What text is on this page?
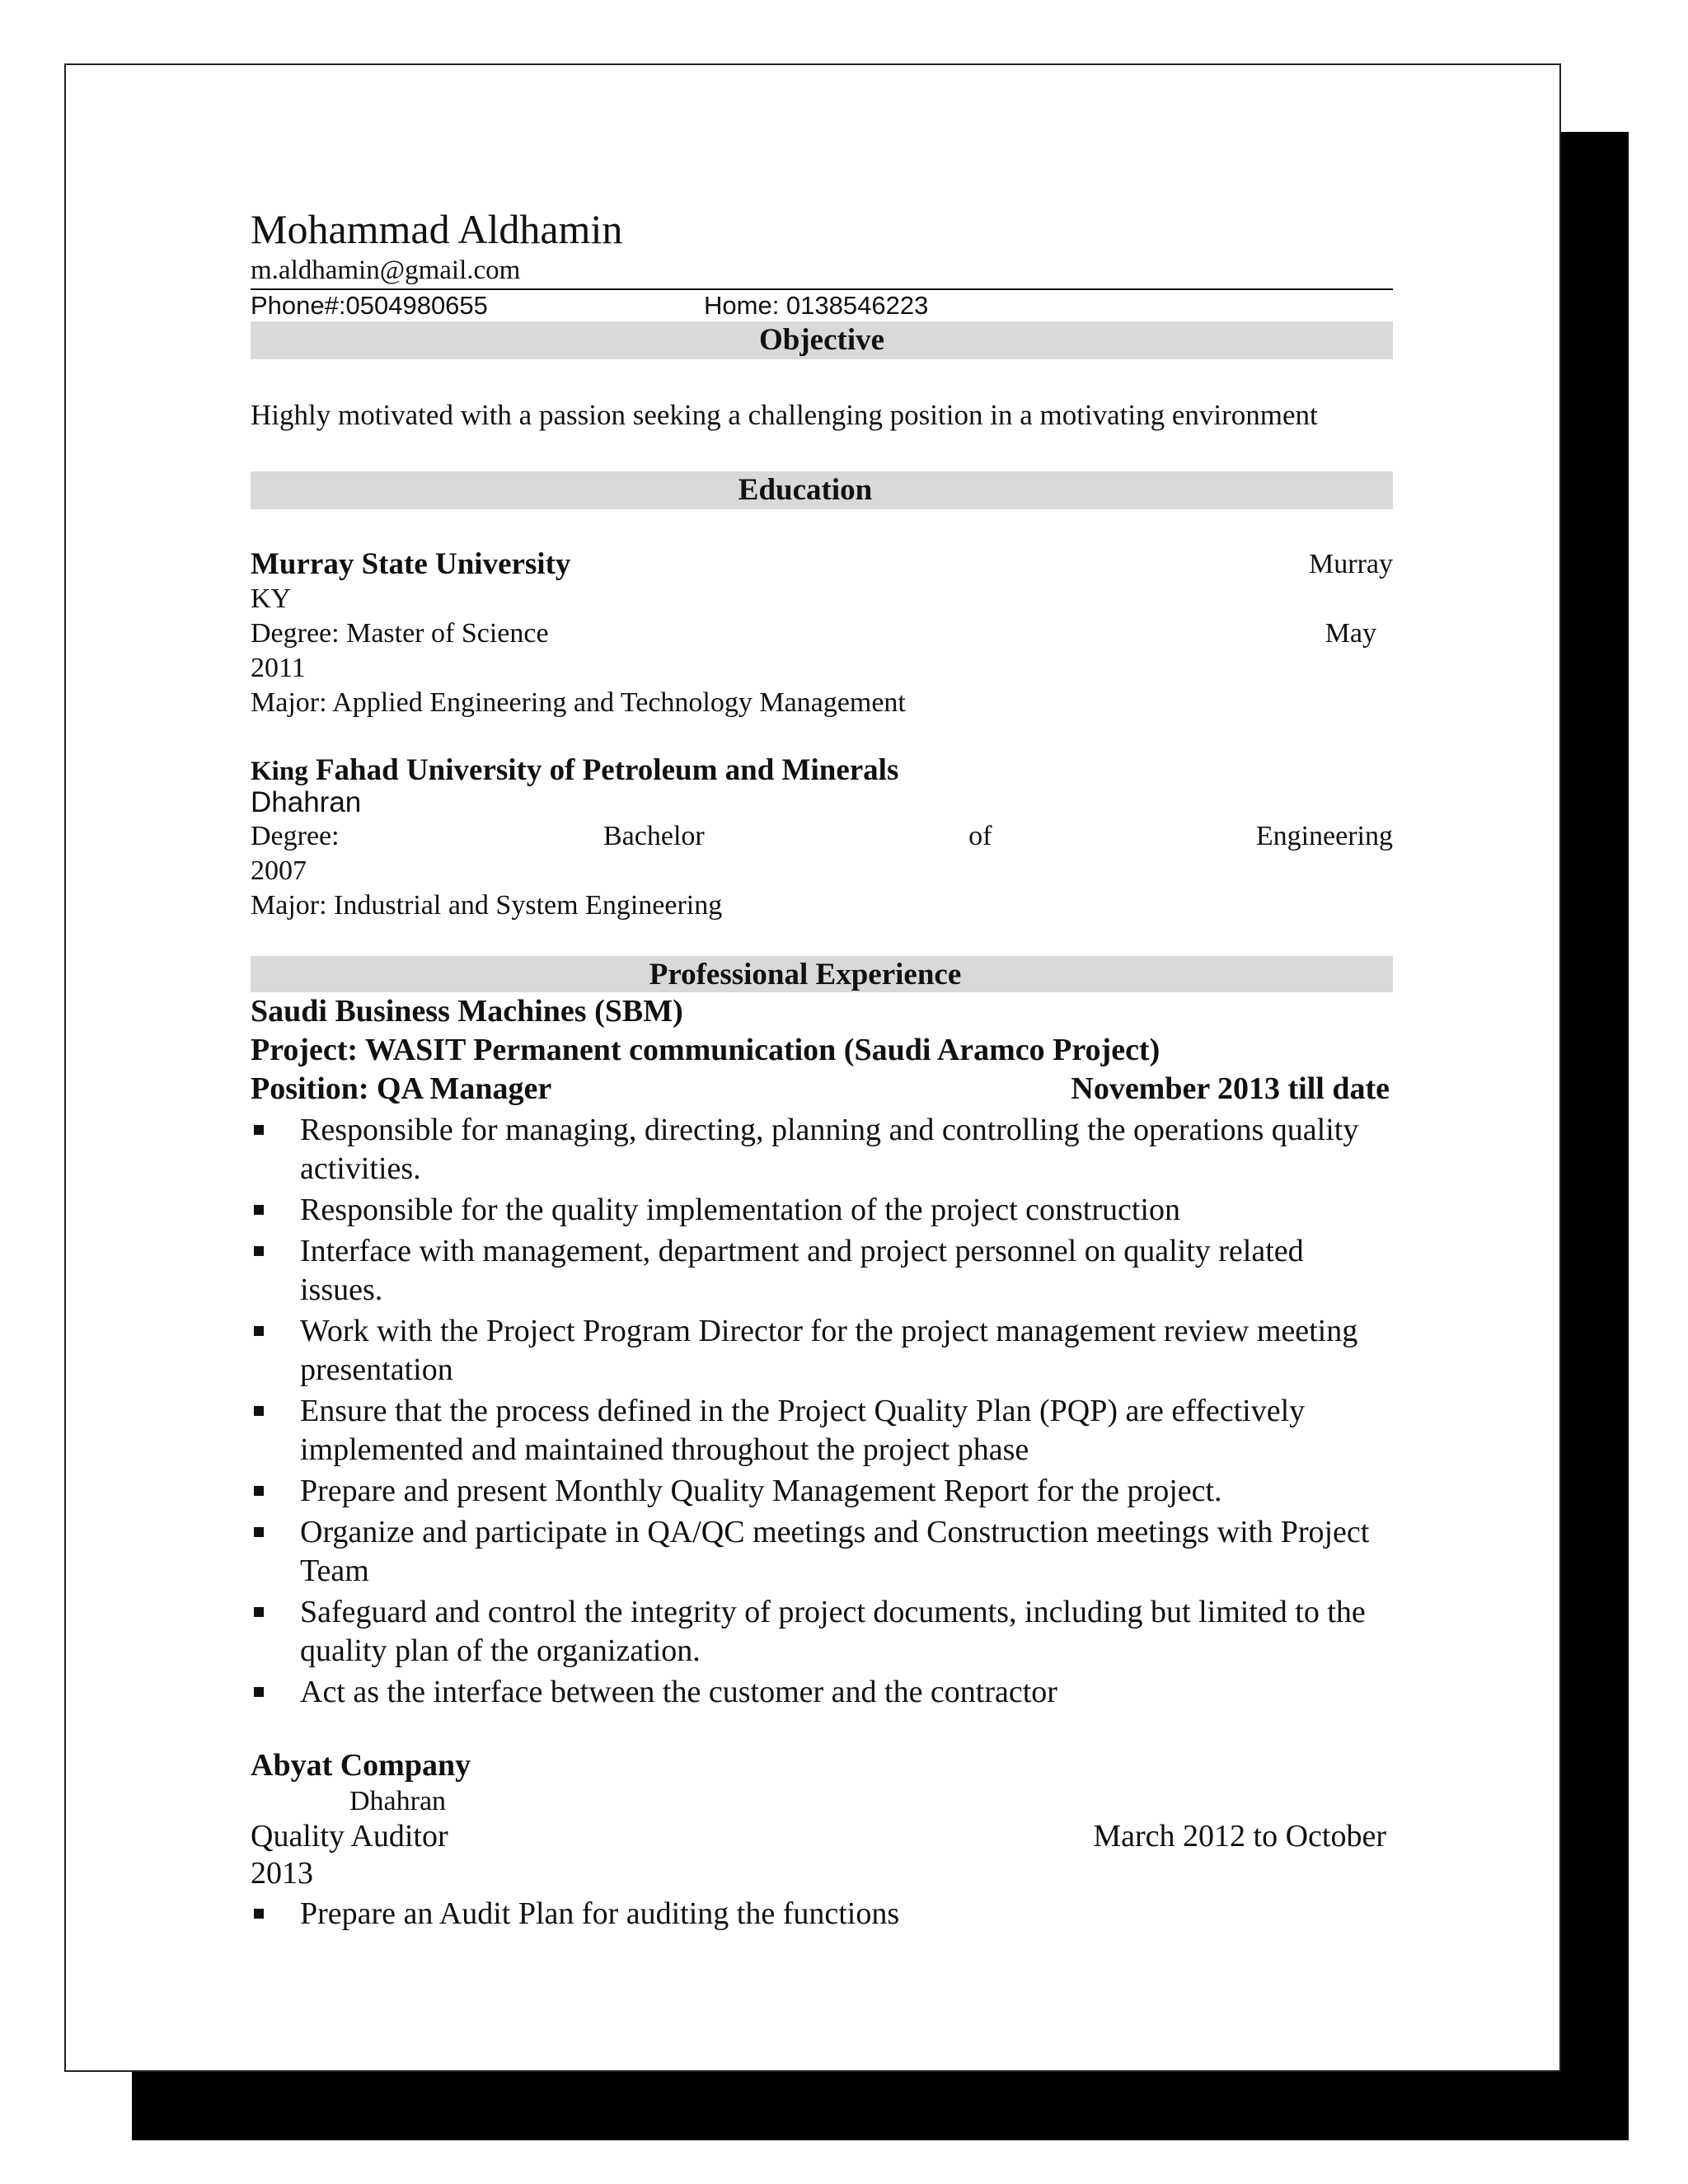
Mohammad Aldhamin
m.aldhamin@gmail.com
Phone#:0504980655	Home: 0138546223
Objective
Highly motivated with a passion seeking a challenging position in a motivating environment
Education
Murray State University	Murray
KY
Degree: Master of Science	May
2011
Major: Applied Engineering and Technology Management
King Fahad University of Petroleum and Minerals
Dhahran
Degree:	Bachelor	of	Engineering
2007
Major: Industrial and System Engineering
Professional Experience
Saudi Business Machines (SBM)
Project: WASIT Permanent communication (Saudi Aramco Project)
Position: QA Manager	November 2013 till date
Responsible for managing, directing, planning and controlling the operations quality activities.
Responsible for the quality implementation of the project construction
Interface with management, department and project personnel on quality related issues.
Work with the Project Program Director for the project management review meeting presentation
Ensure that the process defined in the Project Quality Plan (PQP) are effectively implemented and maintained throughout the project phase
Prepare and present Monthly Quality Management Report for the project.
Organize and participate in QA/QC meetings and Construction meetings with Project Team
Safeguard and control the integrity of project documents, including but limited to the quality plan of the organization.
Act as the interface between the customer and the contractor
Abyat Company
Dhahran
Quality Auditor	March 2012 to October
2013
Prepare an Audit Plan for auditing the functions
